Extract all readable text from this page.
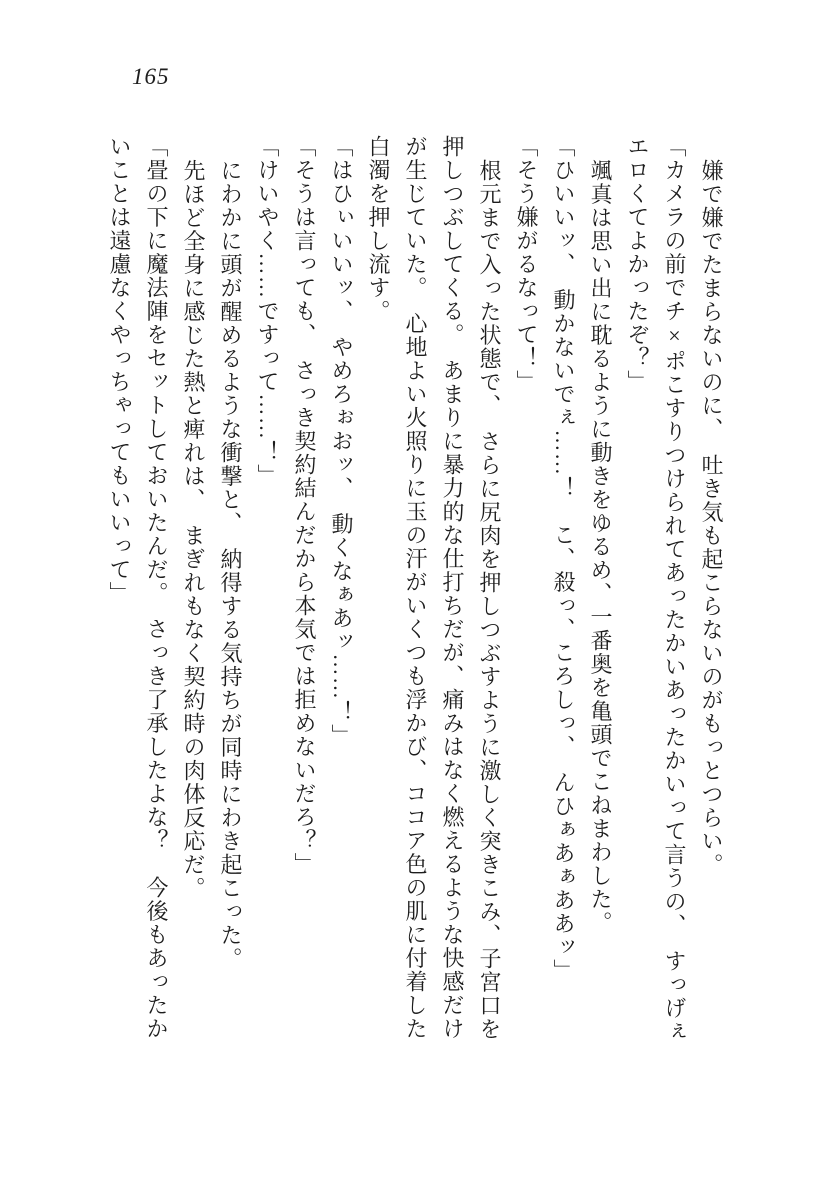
165

嫌で嫌でたまらないのに、　吐き気も起こらないのがもっとつらい。

「カメラの前でチ×ポこすりつけられてあったかいあったかいって言うの、　すっげぇエロくてよかったぞ？」

颯真は思い出に耽るように動きをゆるめ、一番奥を亀頭でこねまわした。

「ひいいッ、　動かないでぇ……！　こ、殺っ、ころしっ、　んひぁあぁああッ」

「そう嫌がるなって！」

根元まで入った状態で、　さらに尻肉を押しつぶすように激しく突きこみ、子宮口を押しつぶしてくる。　あまりに暴力的な仕打ちだが、痛みはなく燃えるような快感だけが生じていた。　心地よい火照りに玉の汗がいくつも浮かび、ココア色の肌に付着した白濁を押し流す。

「はひぃいいッ、　やめろぉおッ、　動くなぁあッ……！」

「そうは言っても、　さっき契約結んだから本気では拒めないだろ？」

「けいやく……ですって……！」

にわかに頭が醒めるような衝撃と、　納得する気持ちが同時にわき起こった。

先ほど全身に感じた熱と痺れは、　まぎれもなく契約時の肉体反応だ。

「畳の下に魔法陣をセットしておいたんだ。　さっき了承したよな？　今後もあったかいことは遠慮なくやっちゃってもいいって」
